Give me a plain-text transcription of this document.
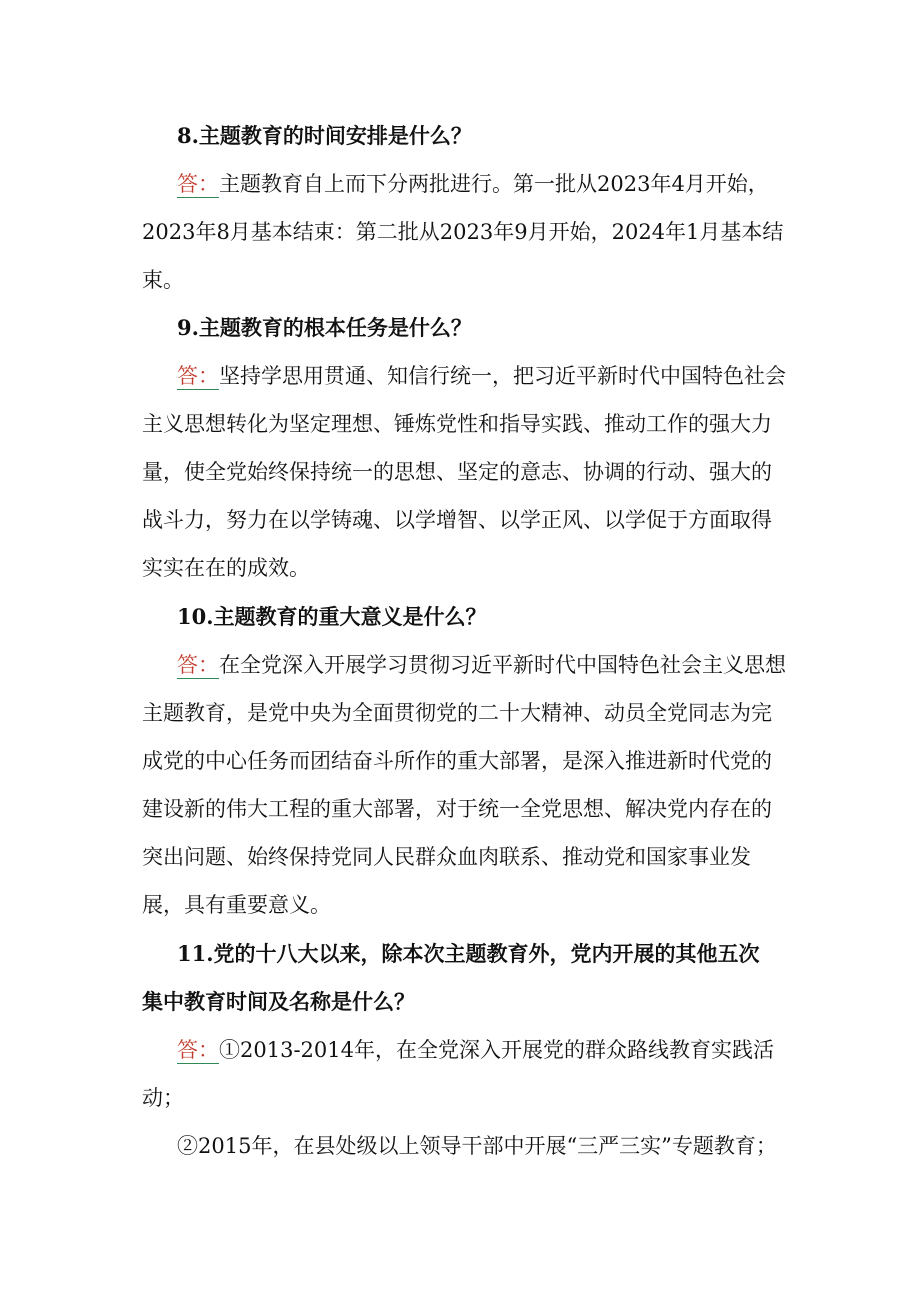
8.主题教育的时间安排是什么？
答：主题教育自上而下分两批进行。第一批从2023年4月开始，2023年8月基本结束：第二批从2023年9月开始，2024年1月基本结束。
9.主题教育的根本任务是什么？
答：坚持学思用贯通、知信行统一，把习近平新时代中国特色社会主义思想转化为坚定理想、锤炼党性和指导实践、推动工作的强大力量，使全党始终保持统一的思想、坚定的意志、协调的行动、强大的战斗力，努力在以学铸魂、以学增智、以学正风、以学促于方面取得实实在在的成效。
10.主题教育的重大意义是什么？
答：在全党深入开展学习贯彻习近平新时代中国特色社会主义思想主题教育，是党中央为全面贯彻党的二十大精神、动员全党同志为完成党的中心任务而团结奋斗所作的重大部署，是深入推进新时代党的建设新的伟大工程的重大部署，对于统一全党思想、解决党内存在的突出问题、始终保持党同人民群众血肉联系、推动党和国家事业发展，具有重要意义。
11.党的十八大以来，除本次主题教育外，党内开展的其他五次
集中教育时间及名称是什么？
答：①2013-2014年，在全党深入开展党的群众路线教育实践活动；
②2015年，在县处级以上领导干部中开展“三严三实”专题教育；
